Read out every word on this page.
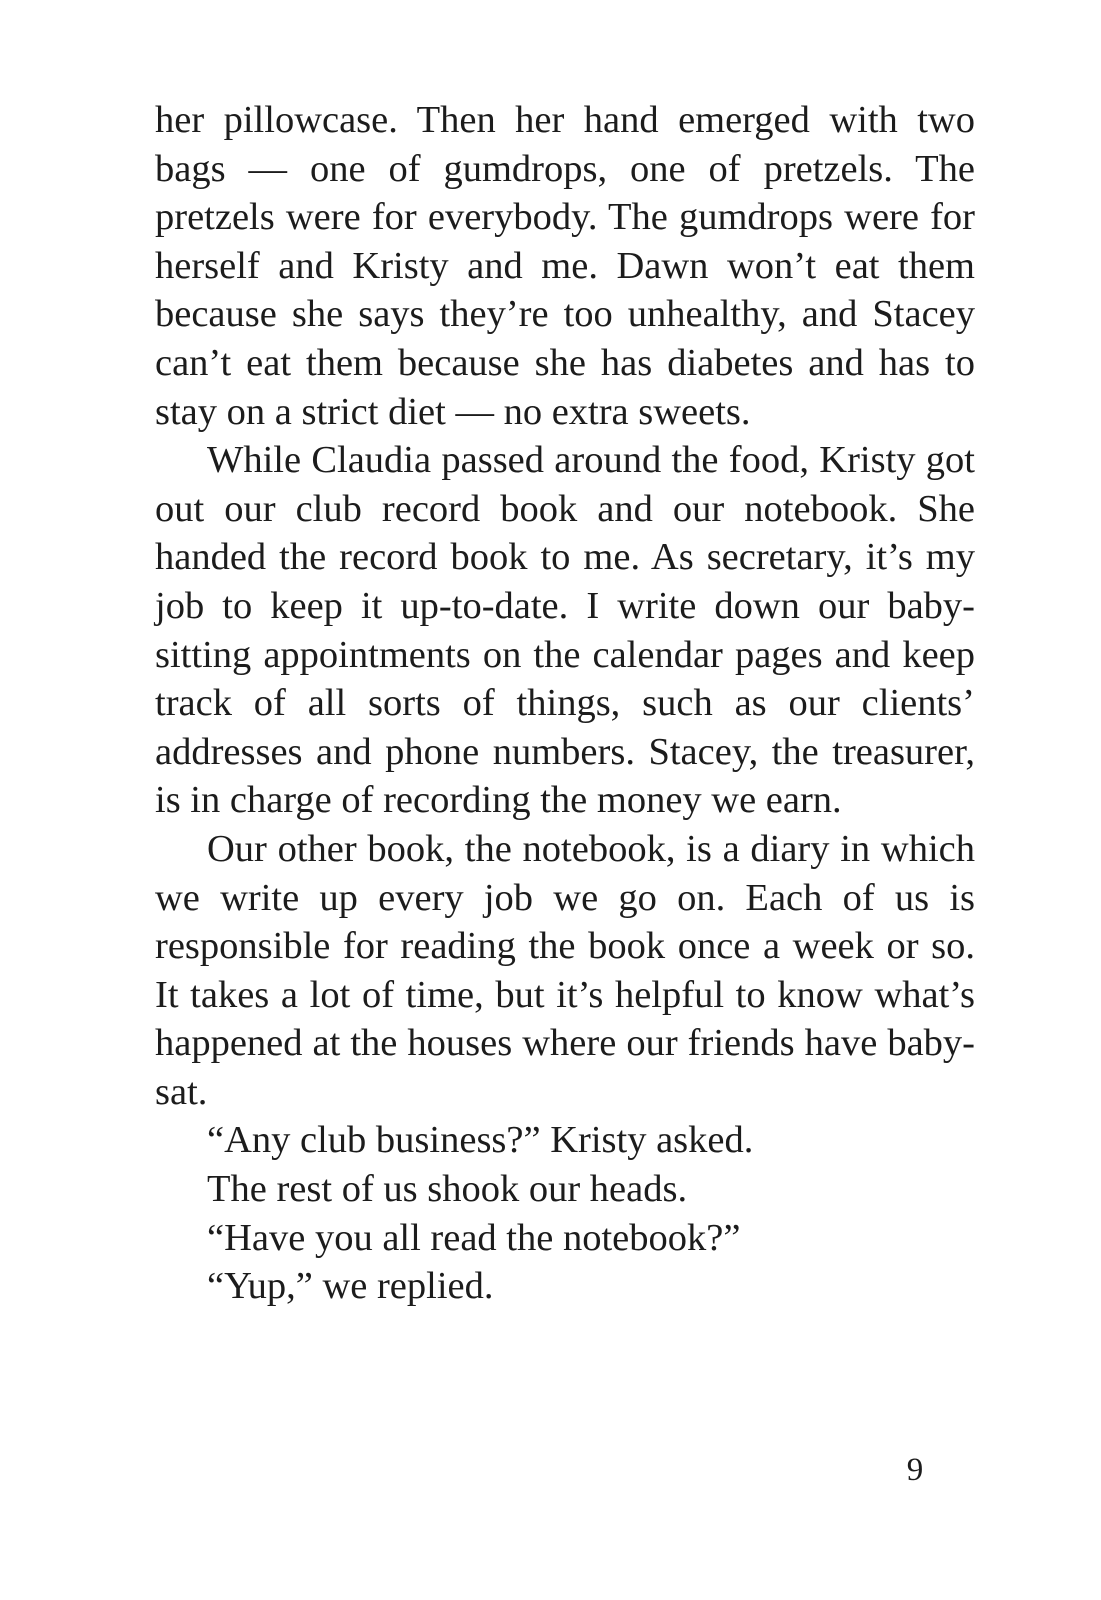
her pillowcase. Then her hand emerged with two bags — one of gumdrops, one of pretzels. The pretzels were for everybody. The gumdrops were for herself and Kristy and me. Dawn won’t eat them because she says they’re too unhealthy, and Stacey can’t eat them because she has diabetes and has to stay on a strict diet — no extra sweets.

While Claudia passed around the food, Kristy got out our club record book and our notebook. She handed the record book to me. As secretary, it’s my job to keep it up-to-date. I write down our baby-sitting appointments on the calendar pages and keep track of all sorts of things, such as our clients’ addresses and phone numbers. Stacey, the treasurer, is in charge of recording the money we earn.

Our other book, the notebook, is a diary in which we write up every job we go on. Each of us is responsible for reading the book once a week or so. It takes a lot of time, but it’s helpful to know what’s happened at the houses where our friends have baby-sat.

“Any club business?” Kristy asked.

The rest of us shook our heads.

“Have you all read the notebook?”

“Yup,” we replied.

9
